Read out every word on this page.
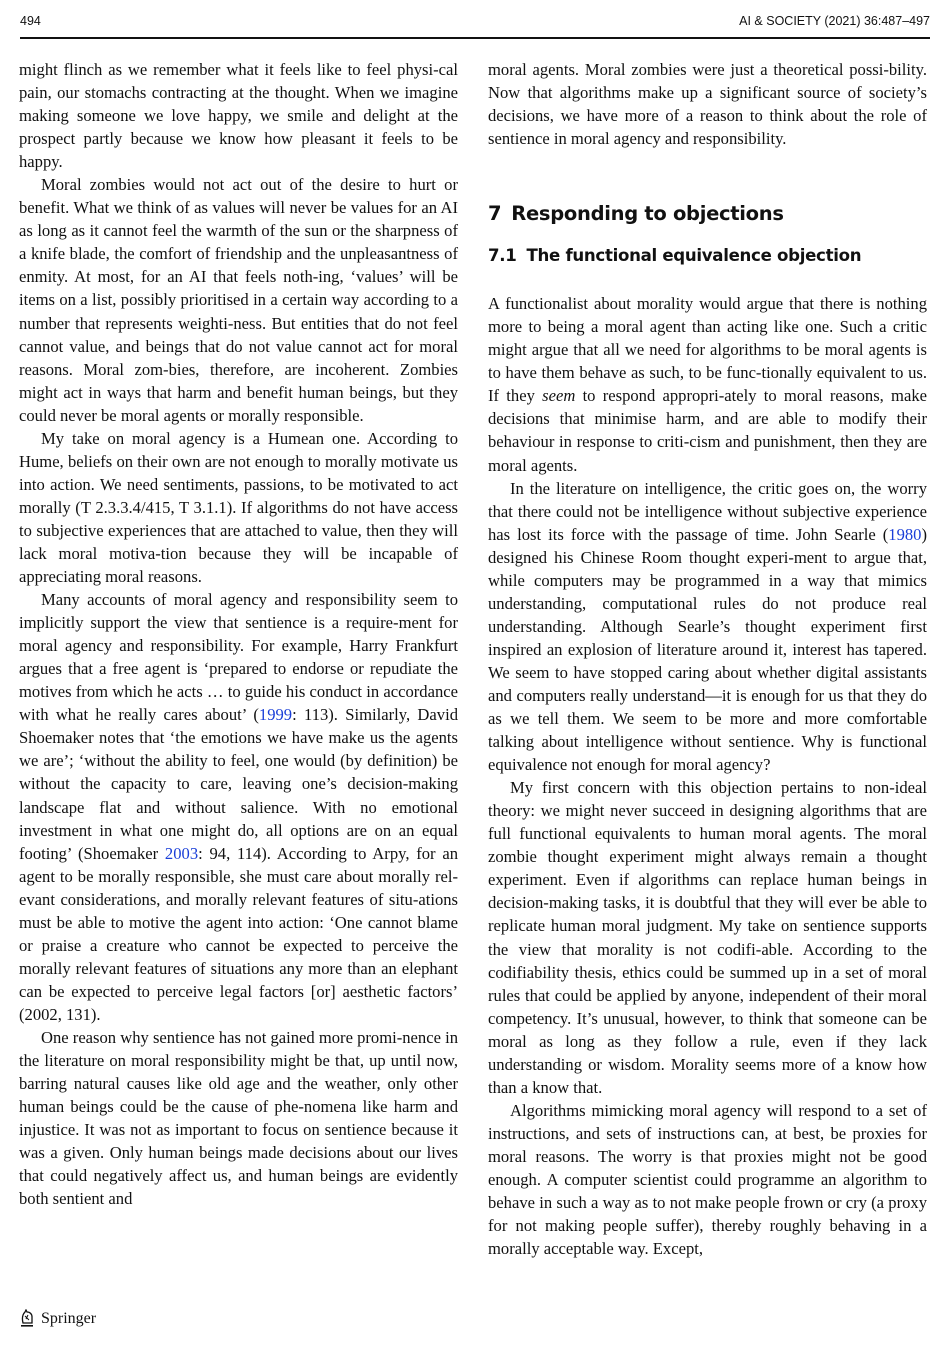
494	AI & SOCIETY (2021) 36:487–497

might flinch as we remember what it feels like to feel physi-cal pain, our stomachs contracting at the thought. When we imagine making someone we love happy, we smile and delight at the prospect partly because we know how pleasant it feels to be happy.

Moral zombies would not act out of the desire to hurt or benefit. What we think of as values will never be values for an AI as long as it cannot feel the warmth of the sun or the sharpness of a knife blade, the comfort of friendship and the unpleasantness of enmity. At most, for an AI that feels noth-ing, ‘values’ will be items on a list, possibly prioritised in a certain way according to a number that represents weighti-ness. But entities that do not feel cannot value, and beings that do not value cannot act for moral reasons. Moral zom-bies, therefore, are incoherent. Zombies might act in ways that harm and benefit human beings, but they could never be moral agents or morally responsible.

My take on moral agency is a Humean one. According to Hume, beliefs on their own are not enough to morally motivate us into action. We need sentiments, passions, to be motivated to act morally (T 2.3.3.4/415, T 3.1.1). If algorithms do not have access to subjective experiences that are attached to value, then they will lack moral motiva-tion because they will be incapable of appreciating moral reasons.

Many accounts of moral agency and responsibility seem to implicitly support the view that sentience is a require-ment for moral agency and responsibility. For example, Harry Frankfurt argues that a free agent is ‘prepared to endorse or repudiate the motives from which he acts … to guide his conduct in accordance with what he really cares about’ (1999: 113). Similarly, David Shoemaker notes that ‘the emotions we have make us the agents we are’; ‘without the ability to feel, one would (by definition) be without the capacity to care, leaving one’s decision-making landscape flat and without salience. With no emotional investment in what one might do, all options are on an equal footing’ (Shoemaker 2003: 94, 114). According to Arpy, for an agent to be morally responsible, she must care about morally rel-evant considerations, and morally relevant features of situ-ations must be able to motive the agent into action: ‘One cannot blame or praise a creature who cannot be expected to perceive the morally relevant features of situations any more than an elephant can be expected to perceive legal factors [or] aesthetic factors’ (2002, 131).

One reason why sentience has not gained more promi-nence in the literature on moral responsibility might be that, up until now, barring natural causes like old age and the weather, only other human beings could be the cause of phe-nomena like harm and injustice. It was not as important to focus on sentience because it was a given. Only human beings made decisions about our lives that could negatively affect us, and human beings are evidently both sentient and

moral agents. Moral zombies were just a theoretical possi-bility. Now that algorithms make up a significant source of society’s decisions, we have more of a reason to think about the role of sentience in moral agency and responsibility.

7 Responding to objections
7.1 The functional equivalence objection

A functionalist about morality would argue that there is nothing more to being a moral agent than acting like one. Such a critic might argue that all we need for algorithms to be moral agents is to have them behave as such, to be func-tionally equivalent to us. If they seem to respond appropri-ately to moral reasons, make decisions that minimise harm, and are able to modify their behaviour in response to criti-cism and punishment, then they are moral agents.

In the literature on intelligence, the critic goes on, the worry that there could not be intelligence without subjective experience has lost its force with the passage of time. John Searle (1980) designed his Chinese Room thought experi-ment to argue that, while computers may be programmed in a way that mimics understanding, computational rules do not produce real understanding. Although Searle’s thought experiment first inspired an explosion of literature around it, interest has tapered. We seem to have stopped caring about whether digital assistants and computers really understand—it is enough for us that they do as we tell them. We seem to be more and more comfortable talking about intelligence without sentience. Why is functional equivalence not enough for moral agency?

My first concern with this objection pertains to non-ideal theory: we might never succeed in designing algorithms that are full functional equivalents to human moral agents. The moral zombie thought experiment might always remain a thought experiment. Even if algorithms can replace human beings in decision-making tasks, it is doubtful that they will ever be able to replicate human moral judgment. My take on sentience supports the view that morality is not codifi-able. According to the codifiability thesis, ethics could be summed up in a set of moral rules that could be applied by anyone, independent of their moral competency. It’s unusual, however, to think that someone can be moral as long as they follow a rule, even if they lack understanding or wisdom. Morality seems more of a know how than a know that.

Algorithms mimicking moral agency will respond to a set of instructions, and sets of instructions can, at best, be proxies for moral reasons. The worry is that proxies might not be good enough. A computer scientist could programme an algorithm to behave in such a way as to not make people frown or cry (a proxy for not making people suffer), thereby roughly behaving in a morally acceptable way. Except,

Springer
